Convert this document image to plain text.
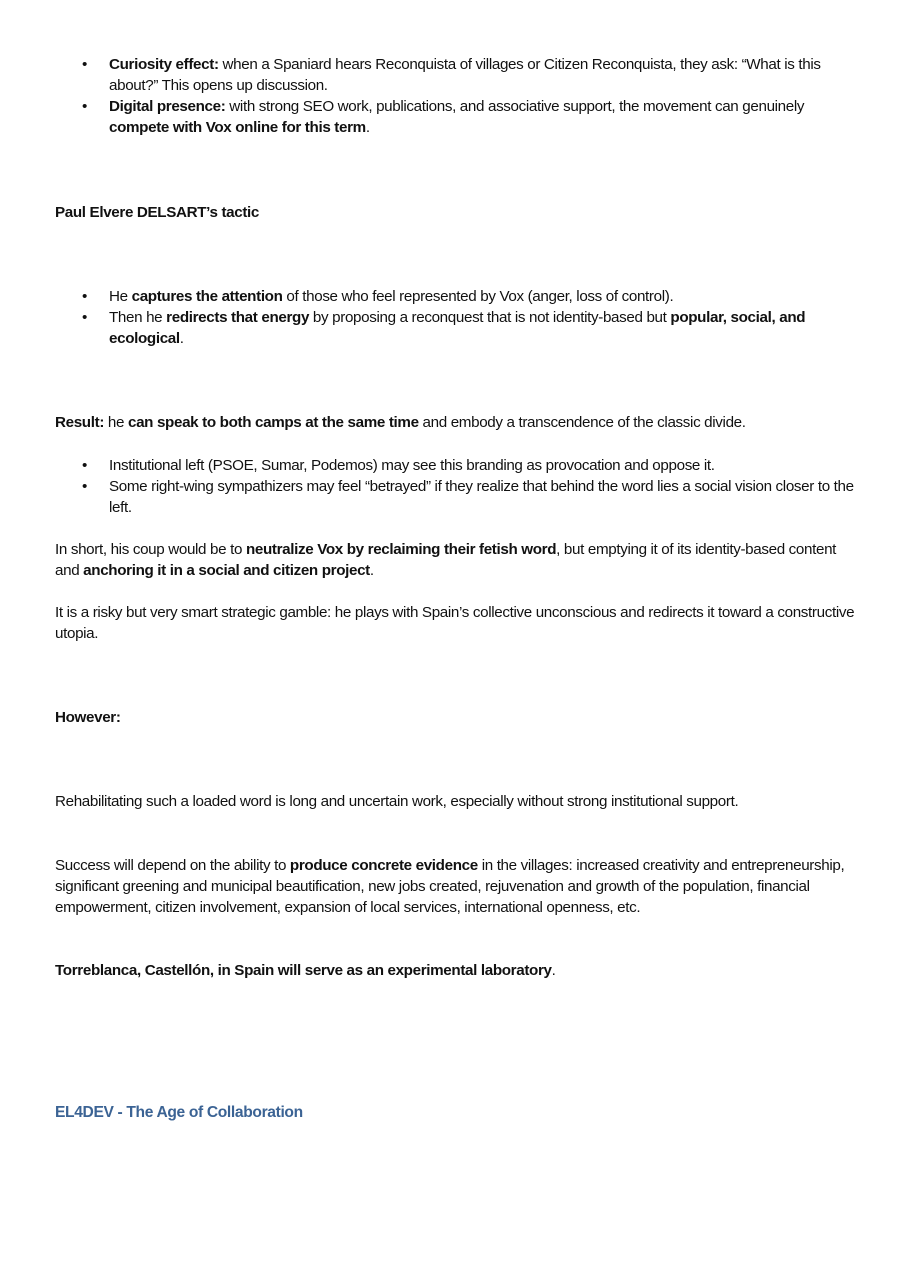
• Curiosity effect: when a Spaniard hears Reconquista of villages or Citizen Reconquista, they ask: “What is this about?” This opens up discussion.
• Digital presence: with strong SEO work, publications, and associative support, the movement can genuinely compete with Vox online for this term.

Paul Elvere DELSART’s tactic

• He captures the attention of those who feel represented by Vox (anger, loss of control).
• Then he redirects that energy by proposing a reconquest that is not identity-based but popular, social, and ecological.

Result: he can speak to both camps at the same time and embody a transcendence of the classic divide.

• Institutional left (PSOE, Sumar, Podemos) may see this branding as provocation and oppose it.
• Some right-wing sympathizers may feel “betrayed” if they realize that behind the word lies a social vision closer to the left.

In short, his coup would be to neutralize Vox by reclaiming their fetish word, but emptying it of its identity-based content and anchoring it in a social and citizen project.

It is a risky but very smart strategic gamble: he plays with Spain’s collective unconscious and redirects it toward a constructive utopia.

However:

Rehabilitating such a loaded word is long and uncertain work, especially without strong institutional support.

Success will depend on the ability to produce concrete evidence in the villages: increased creativity and entrepreneurship, significant greening and municipal beautification, new jobs created, rejuvenation and growth of the population, financial empowerment, citizen involvement, expansion of local services, international openness, etc.

Torreblanca, Castellón, in Spain will serve as an experimental laboratory.

EL4DEV - The Age of Collaboration
